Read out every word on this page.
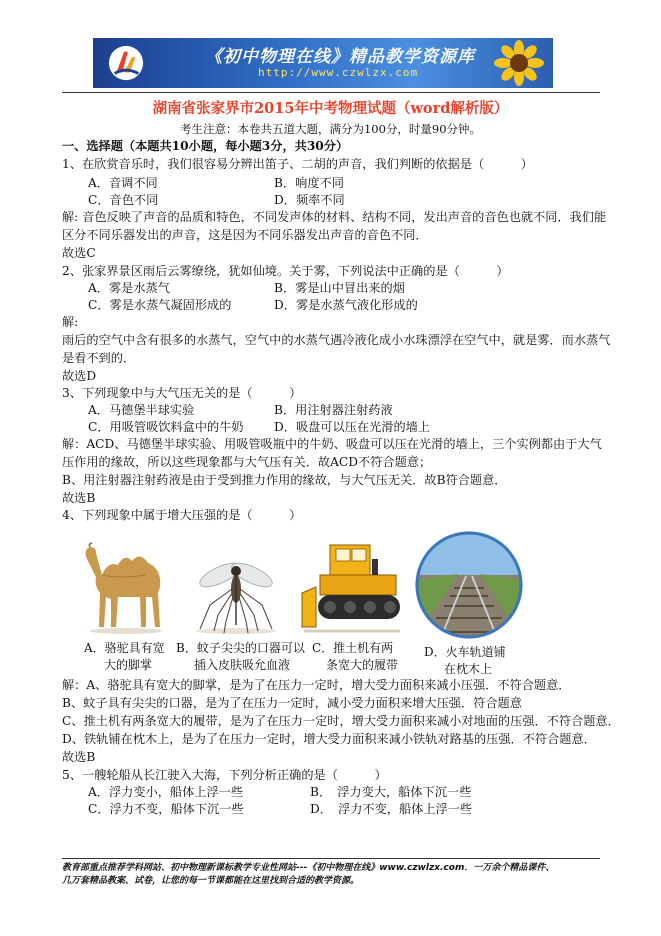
《初中物理在线》精品教学资源库
http://www.czwlzx.com
湖南省张家界市2015年中考物理试题（word解析版）
考生注意：本卷共五道大题，满分为100分，时量90分钟。
一、选择题（本题共10小题，每小题3分，共30分）
1、在欣赏音乐时，我们很容易分辨出笛子、二胡的声音，我们判断的依据是（　　　）
A．音调不同	B．响度不同
C．音色不同	D．频率不同
解: 音色反映了声音的品质和特色，不同发声体的材料、结构不同，发出声音的音色也就不同．我们能
区分不同乐器发出的声音，这是因为不同乐器发出声音的音色不同．
故选C
2、张家界景区雨后云雾缭绕，犹如仙境。关于雾，下列说法中正确的是（　　　）
A．雾是水蒸气	B．雾是山中冒出来的烟
C．雾是水蒸气凝固形成的	D．雾是水蒸气液化形成的
解:
雨后的空气中含有很多的水蒸气，空气中的水蒸气遇冷液化成小水珠漂浮在空气中，就是雾．而水蒸气
是看不到的．
故选D
3、下列现象中与大气压无关的是（　　　）
A．马德堡半球实验	B．用注射器注射药液
C．用吸管吸饮料盒中的牛奶 D．吸盘可以压在光滑的墙上
解：ACD、马德堡半球实验、用吸管吸瓶中的牛奶、吸盘可以压在光滑的墙上，三个实例都由于大气
压作用的缘故，所以这些现象都与大气压有关．故ACD不符合题意；
B、用注射器注射药液是由于受到推力作用的缘故，与大气压无关．故B符合题意．
故选B
4、下列现象中属于增大压强的是（　　　）
A．骆驼具有宽
大的脚掌
B．蚊子尖尖的口器可以
插入皮肤吸允血液
C．推土机有两
条宽大的履带
D．火车轨道铺
在枕木上
解：A、骆驼具有宽大的脚掌，是为了在压力一定时，增大受力面积来减小压强．不符合题意．
B、蚊子具有尖尖的口器，是为了在压力一定时，减小受力面积来增大压强．符合题意
C、推土机有两条宽大的履带，是为了在压力一定时，增大受力面积来减小对地面的压强．不符合题意．
D、铁轨铺在枕木上，是为了在压力一定时，增大受力面积来减小铁轨对路基的压强．不符合题意．
故选B
5、一艘轮船从长江驶入大海，下列分析正确的是（　　　）
A．浮力变小，船体上浮一些	B．　浮力变大，船体下沉一些
C．浮力不变，船体下沉一些	D．　浮力不变，船体上浮一些
教育部重点推荐学科网站、初中物理新课标教学专业性网站---《初中物理在线》www.czwlzx.com．一万余个精品课件、
几万套精品教案、试卷，让您的每一节课都能在这里找到合适的教学资源。
